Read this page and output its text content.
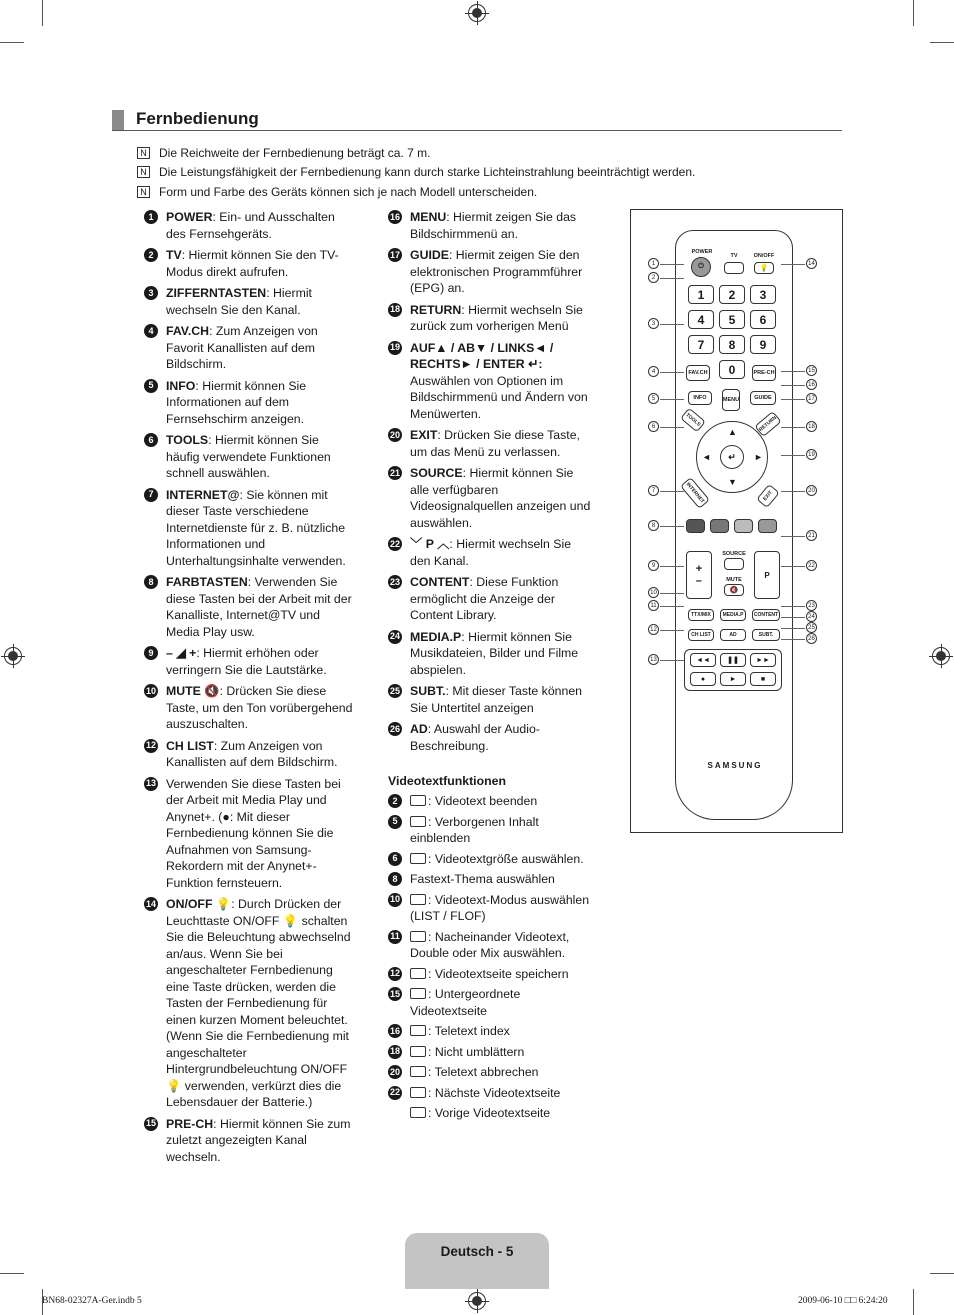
Fernbedienung
N Die Reichweite der Fernbedienung beträgt ca. 7 m.
N Die Leistungsfähigkeit der Fernbedienung kann durch starke Lichteinstrahlung beeinträchtigt werden.
N Form und Farbe des Geräts können sich je nach Modell unterscheiden.
1	POWER: Ein- und Ausschalten des Fernsehgeräts.
2	TV: Hiermit können Sie den TV-Modus direkt aufrufen.
3	ZIFFERNTASTEN: Hiermit wechseln Sie den Kanal.
4	FAV.CH: Zum Anzeigen von Favorit Kanallisten auf dem Bildschirm.
5	INFO: Hiermit können Sie Informationen auf dem Fernsehschirm anzeigen.
6	TOOLS: Hiermit können Sie häufig verwendete Funktionen schnell auswählen.
7	INTERNET@: Sie können mit dieser Taste verschiedene Internetdienste für z. B. nützliche Informationen und Unterhaltungsinhalte verwenden.
8	FARBTASTEN: Verwenden Sie diese Tasten bei der Arbeit mit der Kanalliste, Internet@TV und Media Play usw.
9	– ◢ +: Hiermit erhöhen oder verringern Sie die Lautstärke.
10 MUTE 🔇: Drücken Sie diese Taste, um den Ton vorübergehend auszuschalten.
12 CH LIST: Zum Anzeigen von Kanallisten auf dem Bildschirm.
13 Verwenden Sie diese Tasten bei der Arbeit mit Media Play und Anynet+. (●: Mit dieser Fernbedienung können Sie die Aufnahmen von Samsung-Rekordern mit der Anynet+-Funktion fernsteuern.
14 ON/OFF 💡: Durch Drücken der Leuchttaste ON/OFF 💡 schalten Sie die Beleuchtung abwechselnd an/aus. Wenn Sie bei angeschalteter Fernbedienung eine Taste drücken, werden die Tasten der Fernbedienung für einen kurzen Moment beleuchtet. (Wenn Sie die Fernbedienung mit angeschalteter Hintergrundbeleuchtung ON/OFF 💡 verwenden, verkürzt dies die Lebensdauer der Batterie.)
15 PRE-CH: Hiermit können Sie zum zuletzt angezeigten Kanal wechseln.
16 MENU: Hiermit zeigen Sie das Bildschirmmenü an.
17 GUIDE: Hiermit zeigen Sie den elektronischen Programmführer (EPG) an.
18 RETURN: Hiermit wechseln Sie zurück zum vorherigen Menü
19 AUF▲ / AB▼ / LINKS◄ / RECHTS► / ENTER ↵: Auswählen von Optionen im Bildschirmmenü und Ändern von Menüwerten.
20 EXIT: Drücken Sie diese Taste, um das Menü zu verlassen.
21 SOURCE: Hiermit können Sie alle verfügbaren Videosignalquellen anzeigen und auswählen.
22 ﹀ P ︿: Hiermit wechseln Sie den Kanal.
23 CONTENT: Diese Funktion ermöglicht die Anzeige der Content Library.
24 MEDIA.P: Hiermit können Sie Musikdateien, Bilder und Filme abspielen.
25 SUBT.: Mit dieser Taste können Sie Untertitel anzeigen
26 AD: Auswahl der Audio-Beschreibung.
Videotextfunktionen
2	: Videotext beenden
5	: Verborgenen Inhalt einblenden
6	: Videotextgröße auswählen.
8	Fastext-Thema auswählen
10	: Videotext-Modus auswählen (LIST / FLOF)
11	: Nacheinander Videotext, Double oder Mix auswählen.
12	: Videotextseite speichern
15	: Untergeordnete Videotextseite
16	: Teletext index
18	: Nicht umblättern
20	: Teletext abbrechen
22	: Nächste Videotextseite
: Vorige Videotextseite
POWER
⏻
TV	ON/OFF
💡
1	2	3
4	5	6
7	8	9
0
FAV.CH	PRE-CH
INFO	MENU	GUIDE
↵
▲
▼
◄	►
TOOLS	RETURN
INTERNET	EXIT
+
–
SOURCE
MUTE
🔇
P
TTX/MIX	MEDIA.P	CONTENT
CH LIST	AD	SUBT.
◄◄	❚❚	►►
●	►	■
SAMSUNG
1
2
3
4
5
6
7
8
9
10
11
12
13
14
15
16
17
18
19
20
21
22
23
24
25
26
Deutsch - 5
BN68-02327A-Ger.indb 5	2009-06-10 □□ 6:24:20
